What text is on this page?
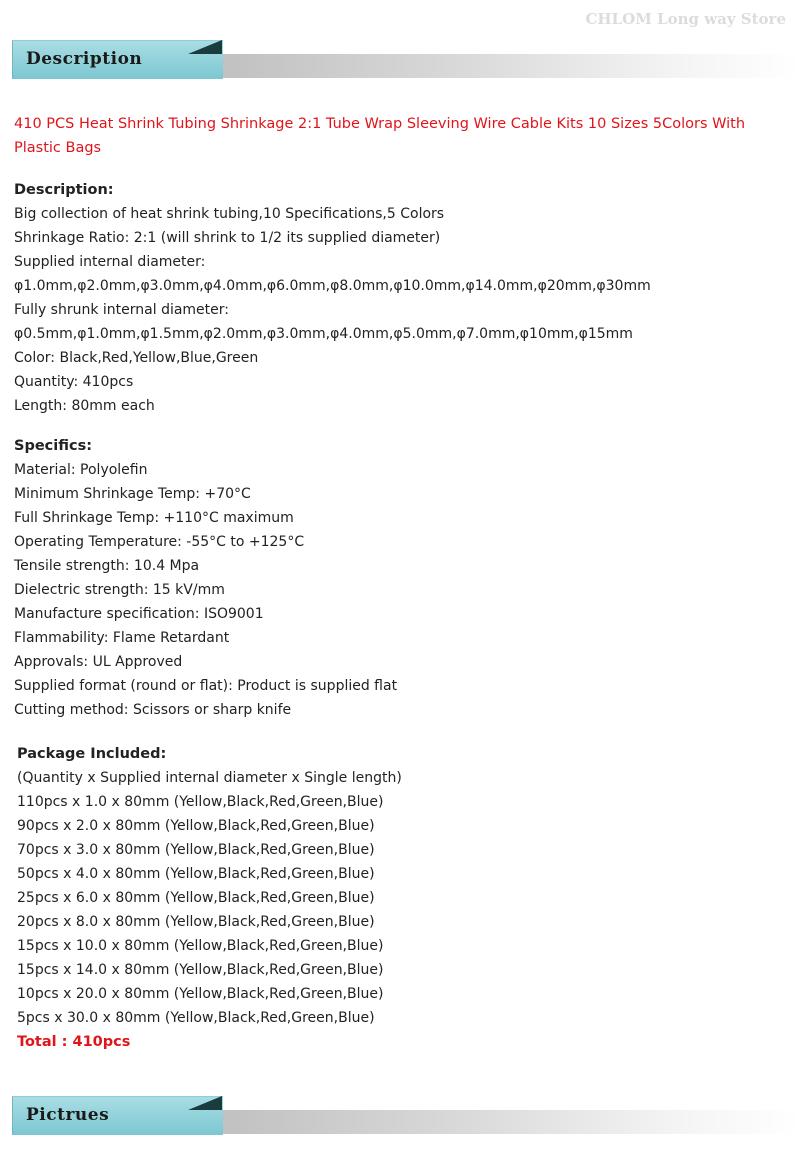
CHLOM Long way Store
Description
410 PCS Heat Shrink Tubing Shrinkage 2:1 Tube Wrap Sleeving Wire Cable Kits 10 Sizes 5Colors With Plastic Bags
Description:
Big collection of heat shrink tubing,10 Specifications,5 Colors
Shrinkage Ratio: 2:1 (will shrink to 1/2 its supplied diameter)
Supplied internal diameter:
φ1.0mm,φ2.0mm,φ3.0mm,φ4.0mm,φ6.0mm,φ8.0mm,φ10.0mm,φ14.0mm,φ20mm,φ30mm
Fully shrunk internal diameter:
φ0.5mm,φ1.0mm,φ1.5mm,φ2.0mm,φ3.0mm,φ4.0mm,φ5.0mm,φ7.0mm,φ10mm,φ15mm
Color: Black,Red,Yellow,Blue,Green
Quantity: 410pcs
Length: 80mm each
Specifics:
Material: Polyolefin
Minimum Shrinkage Temp: +70°C
Full Shrinkage Temp: +110°C maximum
Operating Temperature: -55°C to +125°C
Tensile strength: 10.4 Mpa
Dielectric strength: 15 kV/mm
Manufacture specification: ISO9001
Flammability: Flame Retardant
Approvals: UL Approved
Supplied format (round or flat): Product is supplied flat
Cutting method: Scissors or sharp knife
Package Included:
(Quantity x Supplied internal diameter x Single length)
110pcs x 1.0 x 80mm (Yellow,Black,Red,Green,Blue)
90pcs x 2.0 x 80mm (Yellow,Black,Red,Green,Blue)
70pcs x 3.0 x 80mm (Yellow,Black,Red,Green,Blue)
50pcs x 4.0 x 80mm (Yellow,Black,Red,Green,Blue)
25pcs x 6.0 x 80mm (Yellow,Black,Red,Green,Blue)
20pcs x 8.0 x 80mm (Yellow,Black,Red,Green,Blue)
15pcs x 10.0 x 80mm (Yellow,Black,Red,Green,Blue)
15pcs x 14.0 x 80mm (Yellow,Black,Red,Green,Blue)
10pcs x 20.0 x 80mm (Yellow,Black,Red,Green,Blue)
5pcs x 30.0 x 80mm (Yellow,Black,Red,Green,Blue)
Total : 410pcs
Pictrues
